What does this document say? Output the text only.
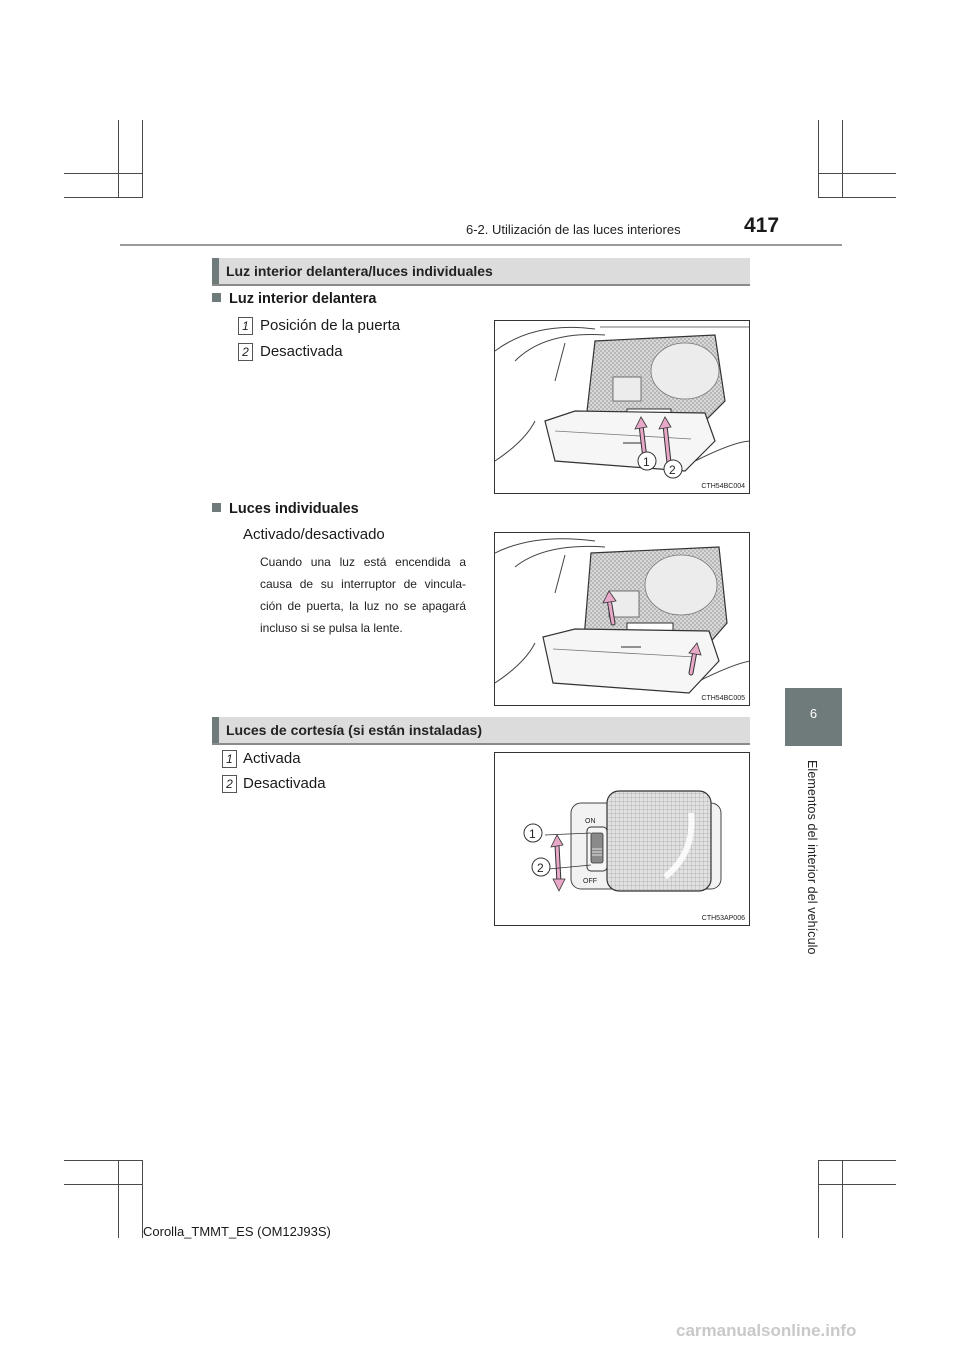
6-2. Utilización de las luces interiores	417
6
Elementos del interior del vehículo
Luz interior delantera/luces individuales
Luz interior delantera
1 Posición de la puerta
2 Desactivada
1
2
CTH54BC004
Luces individuales
Activado/desactivado
Cuando una luz está encendida a causa de su interruptor de vincula-ción de puerta, la luz no se apagará incluso si se pulsa la lente.
CTH54BC005
Luces de cortesía (si están instaladas)
1 Activada
2 Desactivada
ON
OFF
1
2
CTH53AP006
Corolla_TMMT_ES (OM12J93S)
carmanualsonline.info
